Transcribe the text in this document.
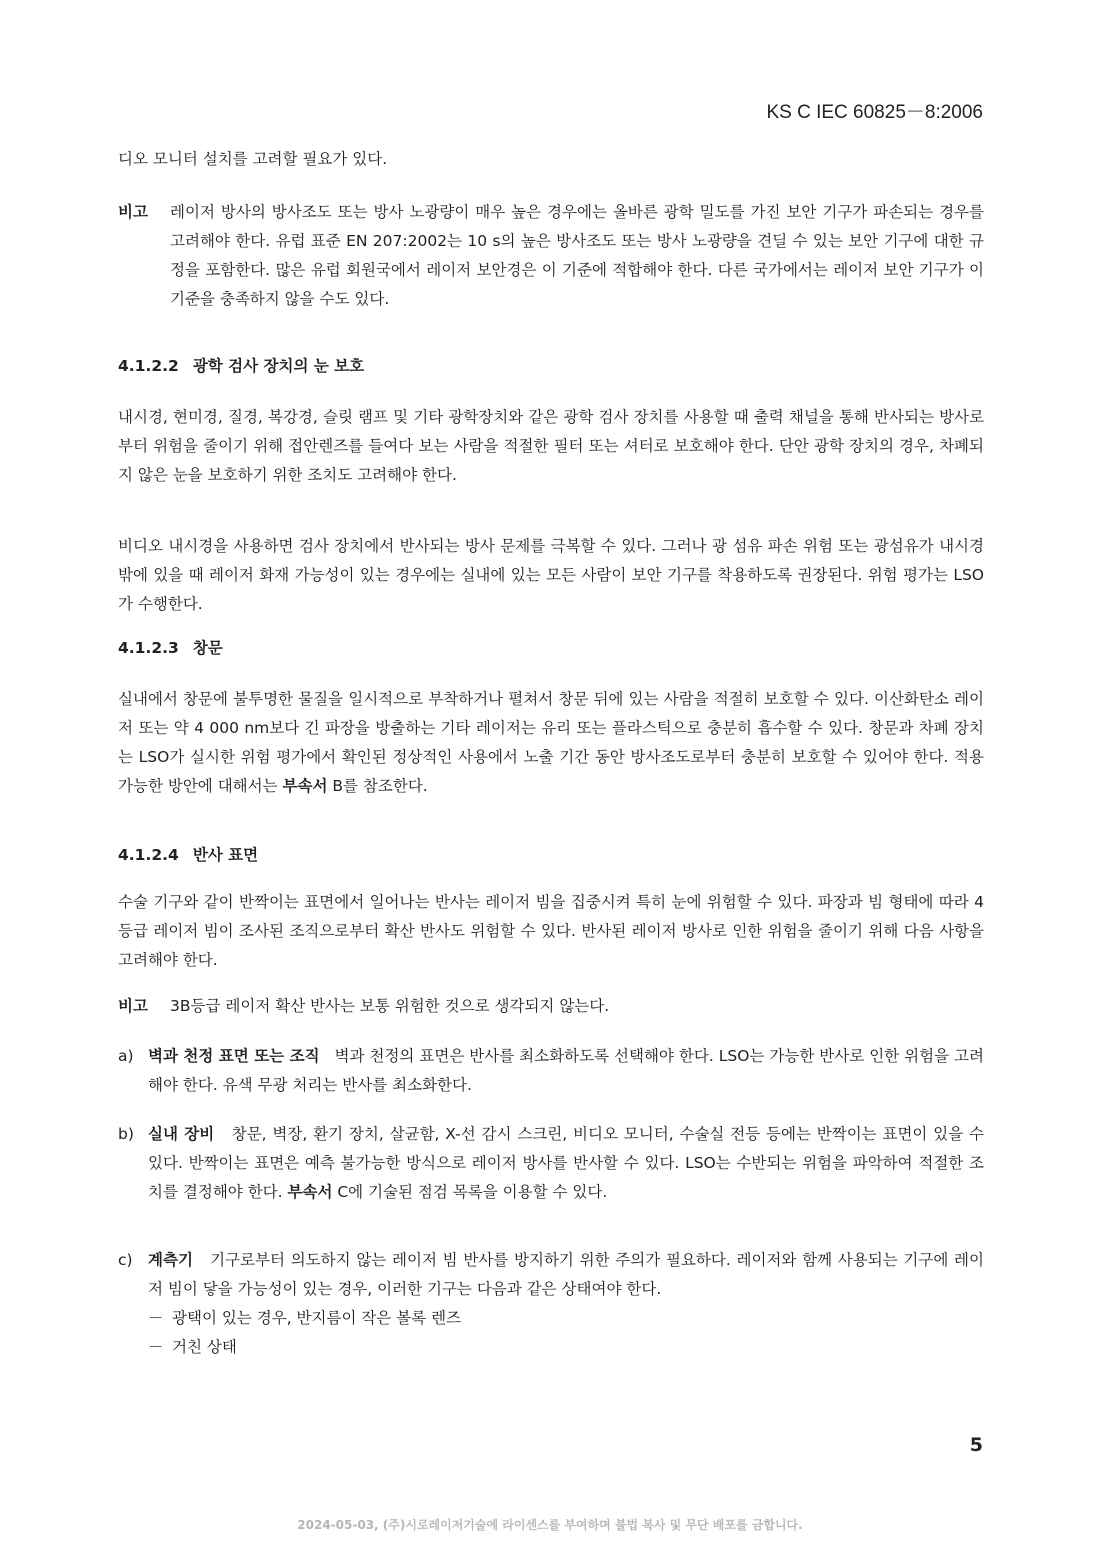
KS C IEC 60825－8:2006

디오 모니터 설치를 고려할 필요가 있다.

비고 레이저 방사의 방사조도 또는 방사 노광량이 매우 높은 경우에는 올바른 광학 밀도를 가진 보안 기구가 파손되는 경우를 고려해야 한다. 유럽 표준 EN 207:2002는 10 s의 높은 방사조도 또는 방사 노광량을 견딜 수 있는 보안 기구에 대한 규정을 포함한다. 많은 유럽 회원국에서 레이저 보안경은 이 기준에 적합해야 한다. 다른 국가에서는 레이저 보안 기구가 이 기준을 충족하지 않을 수도 있다.
4.1.2.2 광학 검사 장치의 눈 보호

내시경, 현미경, 질경, 복강경, 슬릿 램프 및 기타 광학장치와 같은 광학 검사 장치를 사용할 때 출력 채널을 통해 반사되는 방사로부터 위험을 줄이기 위해 접안렌즈를 들여다 보는 사람을 적절한 필터 또는 셔터로 보호해야 한다. 단안 광학 장치의 경우, 차폐되지 않은 눈을 보호하기 위한 조치도 고려해야 한다.

비디오 내시경을 사용하면 검사 장치에서 반사되는 방사 문제를 극복할 수 있다. 그러나 광 섬유 파손 위험 또는 광섬유가 내시경 밖에 있을 때 레이저 화재 가능성이 있는 경우에는 실내에 있는 모든 사람이 보안 기구를 착용하도록 권장된다. 위험 평가는 LSO가 수행한다.

4.1.2.3 창문

실내에서 창문에 불투명한 물질을 일시적으로 부착하거나 펼쳐서 창문 뒤에 있는 사람을 적절히 보호할 수 있다. 이산화탄소 레이저 또는 약 4 000 nm보다 긴 파장을 방출하는 기타 레이저는 유리 또는 플라스틱으로 충분히 흡수할 수 있다. 창문과 차폐 장치는 LSO가 실시한 위험 평가에서 확인된 정상적인 사용에서 노출 기간 동안 방사조도로부터 충분히 보호할 수 있어야 한다. 적용 가능한 방안에 대해서는 부속서 B를 참조한다.

4.1.2.4 반사 표면

수술 기구와 같이 반짝이는 표면에서 일어나는 반사는 레이저 빔을 집중시켜 특히 눈에 위험할 수 있다. 파장과 빔 형태에 따라 4등급 레이저 빔이 조사된 조직으로부터 확산 반사도 위험할 수 있다. 반사된 레이저 방사로 인한 위험을 줄이기 위해 다음 사항을 고려해야 한다.

비고 3B등급 레이저 확산 반사는 보통 위험한 것으로 생각되지 않는다.
a) 벽과 천정 표면 또는 조직 벽과 천정의 표면은 반사를 최소화하도록 선택해야 한다. LSO는 가능한 반사로 인한 위험을 고려해야 한다. 유색 무광 처리는 반사를 최소화한다.
b) 실내 장비 창문, 벽장, 환기 장치, 살균함, X-선 감시 스크린, 비디오 모니터, 수술실 전등 등에는 반짝이는 표면이 있을 수 있다. 반짝이는 표면은 예측 불가능한 방식으로 레이저 방사를 반사할 수 있다. LSO는 수반되는 위험을 파악하여 적절한 조치를 결정해야 한다. 부속서 C에 기술된 점검 목록을 이용할 수 있다.
c) 계측기 기구로부터 의도하지 않는 레이저 빔 반사를 방지하기 위한 주의가 필요하다. 레이저와 함께 사용되는 기구에 레이저 빔이 닿을 가능성이 있는 경우, 이러한 기구는 다음과 같은 상태여야 한다.
－ 광택이 있는 경우, 반지름이 작은 볼록 렌즈
－ 거친 상태
5
2024-05-03, (주)시로레이저기술에 라이센스를 부여하며 불법 복사 및 무단 배포를 금합니다.
